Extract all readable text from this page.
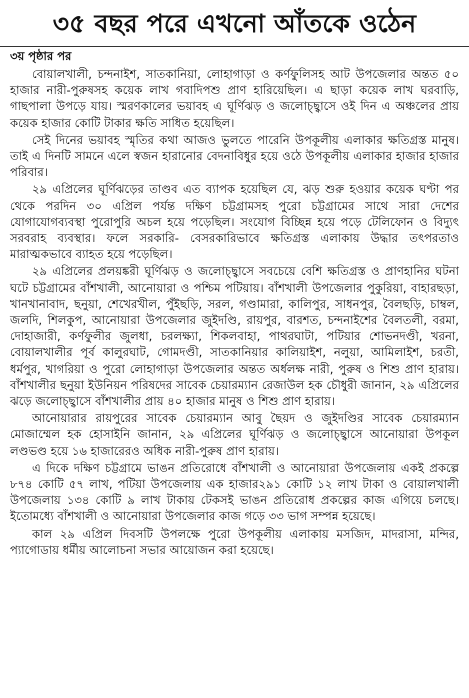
৩৫ বছর পরে এখনো আঁতকে ওঠেন
৩য় পৃষ্ঠার পর

বোয়ালখালী, চন্দনাইশ, সাতকানিয়া, লোহাগাড়া ও কর্ণফুলিসহ আট উপজেলার অন্তত ৫০ হাজার নারী-পুরুষসহ কয়েক লাখ গবাদিপশু প্রাণ হারিয়েছিল। এ ছাড়া কয়েক লাখ ঘরবাড়ি, গাছপালা উপড়ে যায়। স্মরণকালের ভয়াবহ এ ঘূর্ণিঝড় ও জলোচ্ছ্বাসে ওই দিন এ অঞ্চলের প্রায় কয়েক হাজার কোটি টাকার ক্ষতি সাধিত হয়েছিল।

সেই দিনের ভয়াবহ স্মৃতির কথা আজও ভুলতে পারেনি উপকূলীয় এলাকার ক্ষতিগ্রস্ত মানুষ। তাই এ দিনটি সামনে এলে স্বজন হারানোর বেদনাবিধুর হয়ে ওঠে উপকূলীয় এলাকার হাজার হাজার পরিবার।

২৯ এপ্রিলের ঘূর্ণিঝড়ের তাণ্ডব এত ব্যাপক হয়েছিল যে, ঝড় শুরু হওয়ার কয়েক ঘণ্টা পর থেকে পরদিন ৩০ এপ্রিল পর্যন্ত দক্ষিণ চট্টগ্রামসহ পুরো চট্টগ্রামের সাথে সারা দেশের যোগাযোগব্যবস্থা পুরোপুরি অচল হয়ে পড়েছিল। সংযোগ বিচ্ছিন্ন হয়ে পড়ে টেলিফোন ও বিদ্যুৎ সরবরাহ ব্যবস্থার। ফলে সরকারি- বেসরকারিভাবে ক্ষতিগ্রস্ত এলাকায় উদ্ধার তৎপরতাও মারাত্মকভাবে ব্যাহত হয়ে পড়েছিল।

২৯ এপ্রিলের প্রলয়ঙ্করী ঘূর্ণিঝড় ও জলোচ্ছ্বাসে সবচেয়ে বেশি ক্ষতিগ্রস্ত ও প্রাণহানির ঘটনা ঘটে চট্টগ্রামের বাঁশখালী, আনোয়ারা ও পশ্চিম পটিয়ায়। বাঁশখালী উপজেলার পুকুরিয়া, বাহারছড়া, খানখানাবাদ, ছনুয়া, শেখেরখীল, পুঁইছড়ি, সরল, গণ্ডামারা, কালিপুর, সাধনপুর, বৈলছড়ি, চাম্বল, জলদি, শিলকুপ, আনোয়ারা উপজেলার জুইদণ্ডি, রায়পুর, বারশত, চন্দনাইশের বৈলতলী, বরমা, দোহাজারী, কর্ণফুলীর জুলধা, চরলক্ষ্যা, শিকলবাহা, পাথরঘাটা, পটিয়ার শোভনদণ্ডী, খরনা, বোয়ালখালীর পূর্ব কালুরঘাট, গোমদণ্ডী, সাতকানিয়ার কালিয়াইশ, নলুয়া, আমিলাইশ, চরতী, ধর্মপুর, খাগরিয়া ও পুরো লোহাগাড়া উপজেলার অন্তত অর্ধলক্ষ নারী, পুরুষ ও শিশু প্রাণ হারায়। বাঁশখালীর ছনুয়া ইউনিয়ন পরিষদের সাবেক চেয়ারম্যান রেজাউল হক চৌধুরী জানান, ২৯ এপ্রিলের ঝড়ে জলোচ্ছ্বাসে বাঁশখালীর প্রায় ৪০ হাজার মানুষ ও শিশু প্রাণ হারায়।

আনোয়ারার রায়পুরের সাবেক চেয়ারম্যান আবু ছৈয়দ ও জুইদণ্ডির সাবেক চেয়ারম্যান মোজাম্মেল হক হোসাইনি জানান, ২৯ এপ্রিলের ঘূর্ণিঝড় ও জলোচ্ছ্বাসে আনোয়ারা উপকূল লণ্ডভণ্ড হয়ে ১৬ হাজারেরও অধিক নারী-পুরুষ প্রাণ হারায়।

এ দিকে দক্ষিণ চট্টগ্রামে ভাঙন প্রতিরোধে বাঁশখালী ও আনোয়ারা উপজেলায় একই প্রকল্পে ৮৭৪ কোটি ৫৭ লাখ, পটিয়া উপজেলায় এক হাজার২৯১ কোটি ১২ লাখ টাকা ও বোয়ালখালী উপজেলায় ১৩৪ কোটি ৯ লাখ টাকায় টেকসই ভাঙন প্রতিরোধ প্রকল্পের কাজ এগিয়ে চলছে। ইতোমধ্যে বাঁশখালী ও আনোয়ারা উপজেলার কাজ গড়ে ৩৩ ভাগ সম্পন্ন হয়েছে।

কাল ২৯ এপ্রিল দিবসটি উপলক্ষে পুরো উপকূলীয় এলাকায় মসজিদ, মাদরাসা, মন্দির, প্যাগোডায় ধর্মীয় আলোচনা সভার আয়োজন করা হয়েছে।
